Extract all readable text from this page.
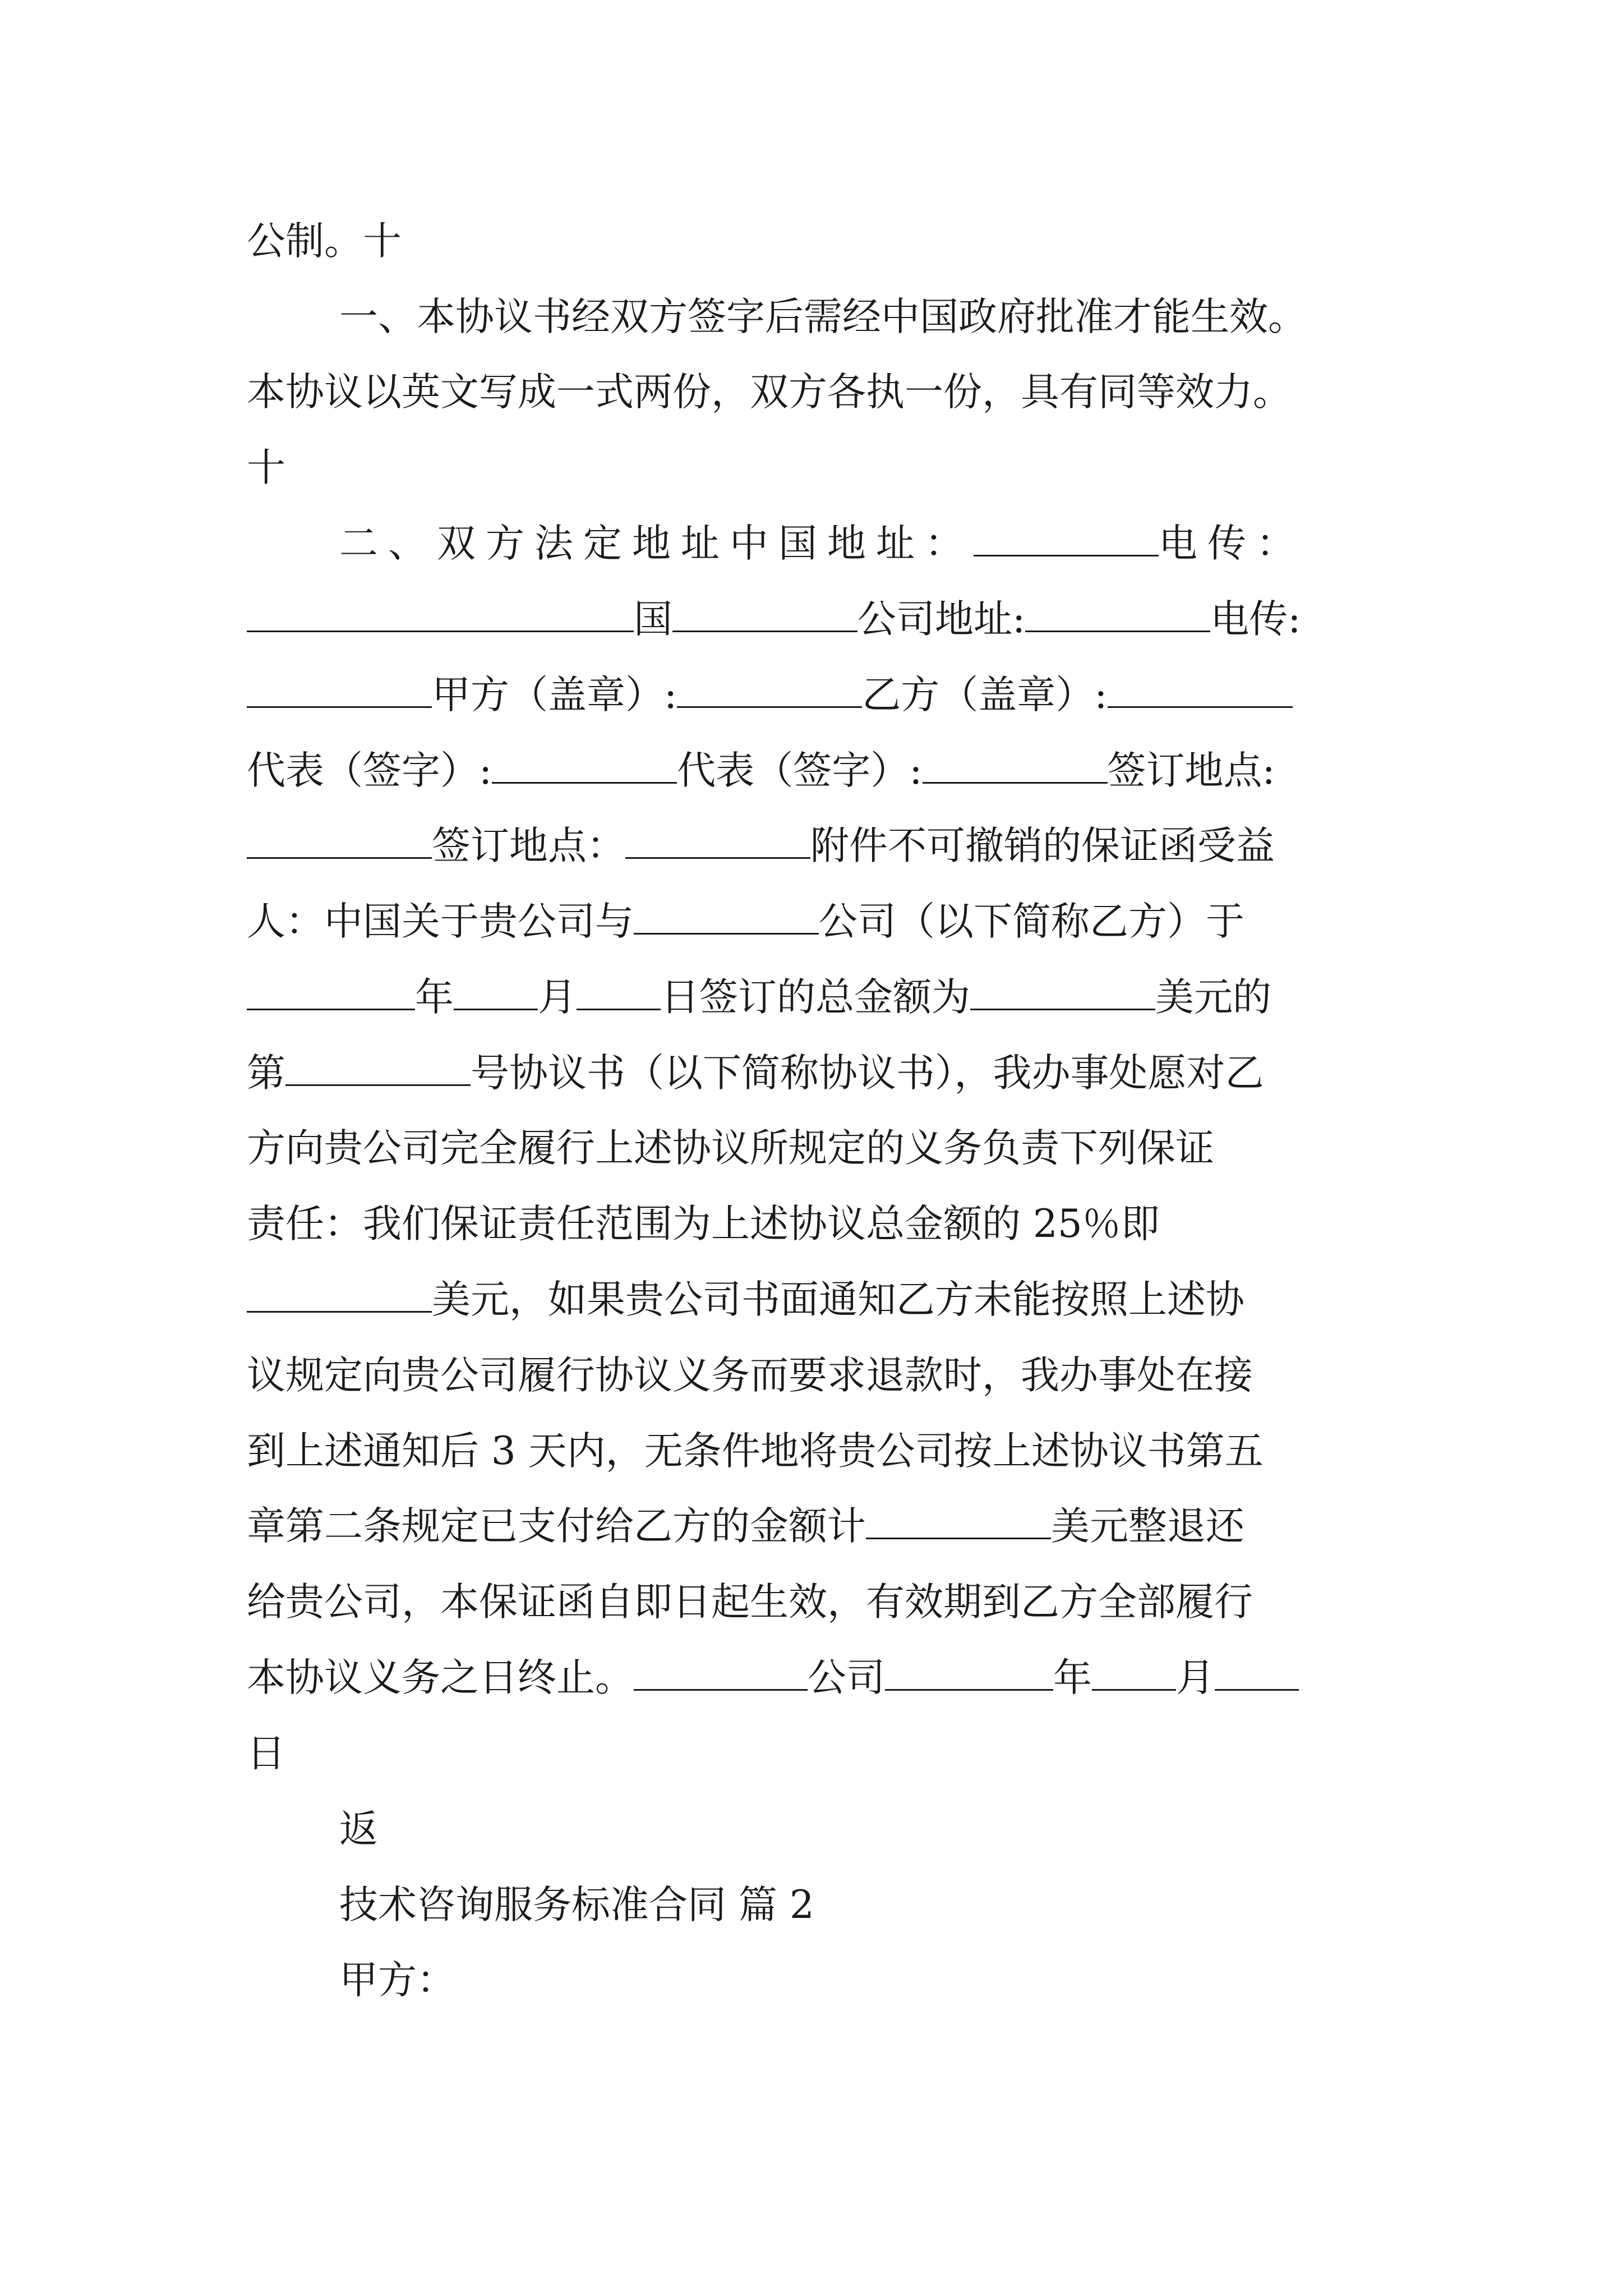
公制。十
一、本协议书经双方签字后需经中国政府批准才能生效。
本协议以英文写成一式两份，双方各执一份，具有同等效力。
十
二、双方法定地址中国地址：	电传：
国	公司地址:	电传:
甲方（盖章）:	乙方（盖章）:
代表（签字）:	代表（签字）:	签订地点:
签订地点：	附件不可撤销的保证函受益
人：中国关于贵公司与	公司（以下简称乙方）于
年 月 日签订的总金额为	美元的
第	号协议书（以下简称协议书），我办事处愿对乙
方向贵公司完全履行上述协议所规定的义务负责下列保证
责任：我们保证责任范围为上述协议总金额的 25％即
美元，如果贵公司书面通知乙方未能按照上述协
议规定向贵公司履行协议义务而要求退款时，我办事处在接
到上述通知后 3 天内，无条件地将贵公司按上述协议书第五
章第二条规定已支付给乙方的金额计	美元整退还
给贵公司，本保证函自即日起生效，有效期到乙方全部履行
本协议义务之日终止。	公司	年 月
日
返
技术咨询服务标准合同 篇 2
甲方：
